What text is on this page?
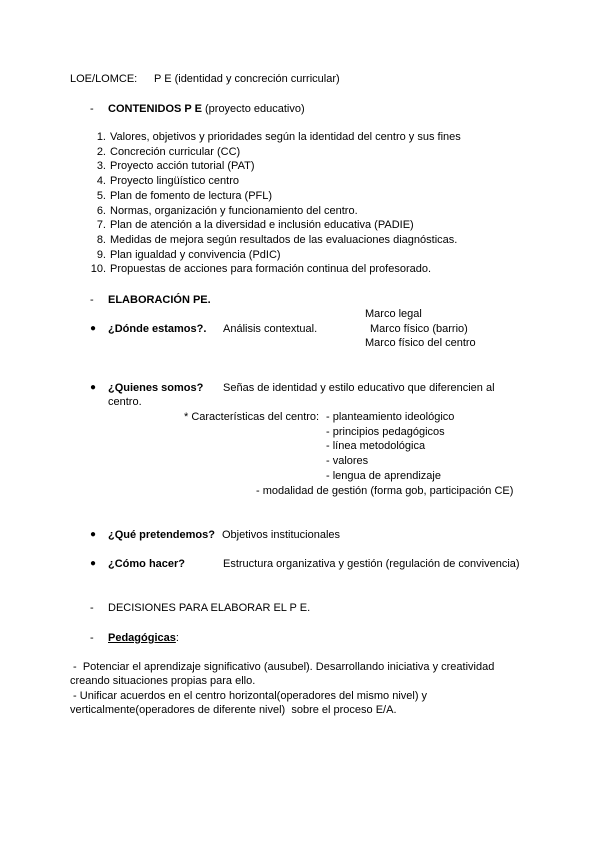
LOE/LOMCE: P E (identidad y concreción curricular)
- CONTENIDOS P E (proyecto educativo)
1. Valores, objetivos y prioridades según la identidad del centro y sus fines
2. Concreción curricular (CC)
3. Proyecto acción tutorial (PAT)
4. Proyecto lingüístico centro
5. Plan de fomento de lectura (PFL)
6. Normas, organización y funcionamiento del centro.
7. Plan de atención a la diversidad e inclusión educativa (PADIE)
8. Medidas de mejora según resultados de las evaluaciones diagnósticas.
9. Plan igualdad y convivencia (PdIC)
10. Propuestas de acciones para formación continua del profesorado.
- ELABORACIÓN PE.
Marco legal
● ¿Dónde estamos?. Análisis contextual.	Marco físico (barrio)
Marco físico del centro
● ¿Quienes somos? Señas de identidad y estilo educativo que diferencien al
centro.
* Características del centro: - planteamiento ideológico
- principios pedagógicos
- línea metodológica
- valores
- lengua de aprendizaje
- modalidad de gestión (forma gob, participación CE)
● ¿Qué pretendemos? Objetivos institucionales
● ¿Cómo hacer?	Estructura organizativa y gestión (regulación de convivencia)
- DECISIONES PARA ELABORAR EL P E.
- Pedagógicas:
-  Potenciar el aprendizaje significativo (ausubel). Desarrollando iniciativa y creatividad
creando situaciones propias para ello.
- Unificar acuerdos en el centro horizontal(operadores del mismo nivel) y
verticalmente(operadores de diferente nivel)  sobre el proceso E/A.
